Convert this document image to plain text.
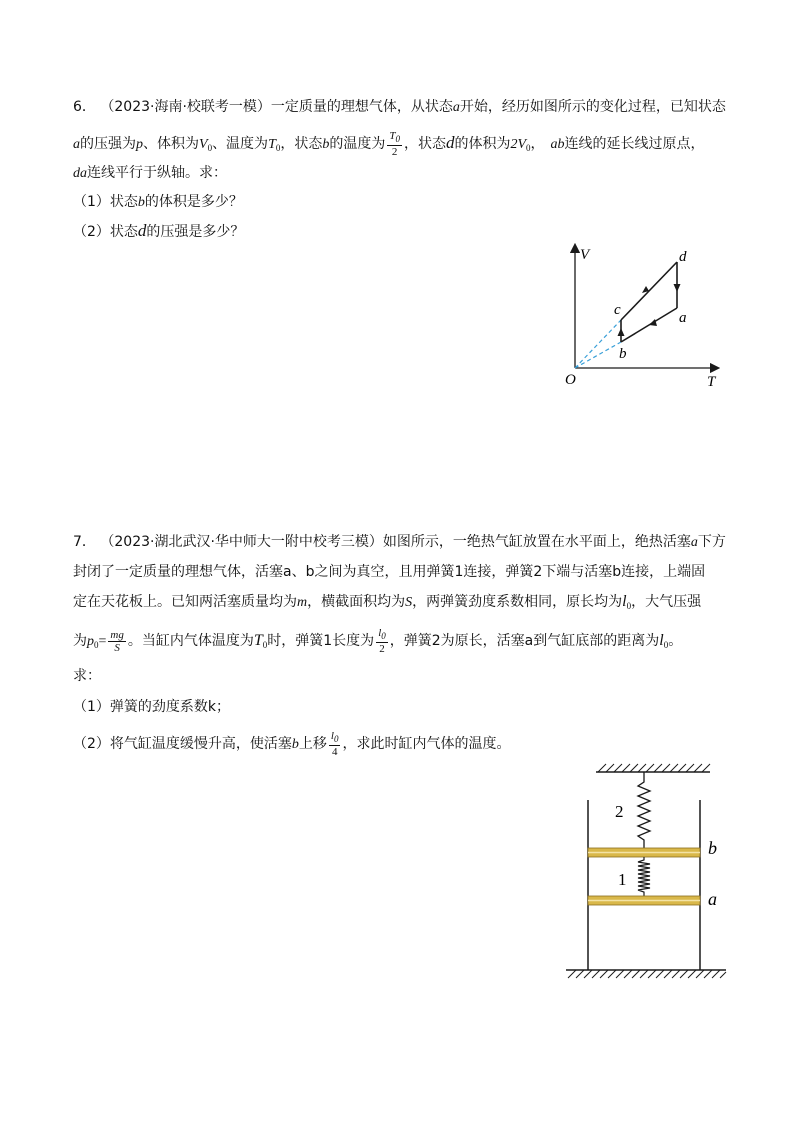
6． （2023·海南·校联考一模）一定质量的理想气体，从状态a开始，经历如图所示的变化过程，已知状态
a的压强为p、体积为$V_0$、温度为$T_0$，状态b的温度为 $\frac{T_0}{2}$ ，状态d的体积为$2V_0$， ab连线的延长线过原点，
da连线平行于纵轴。求：
（1）状态b的体积是多少？
（2）状态d的压强是多少？
V
T
O
d
a
c
b
7． （2023·湖北武汉·华中师大一附中校考三模）如图所示，一绝热气缸放置在水平面上，绝热活塞a下方
封闭了一定质量的理想气体，活塞a、b之间为真空，且用弹簧1连接，弹簧2下端与活塞b连接，上端固
定在天花板上。已知两活塞质量均为m，横截面积均为S，两弹簧劲度系数相同，原长均为$l_0$，大气压强
为$p_0= \frac{mg}{S}$ 。当缸内气体温度为$T_0$时，弹簧1长度为 $\frac{l_0}{2}$ ，弹簧2为原长，活塞a到气缸底部的距离为$l_0$。
求：
（1）弹簧的劲度系数k；
（2）将气缸温度缓慢升高，使活塞b上移 $\frac{l_0}{4}$ ，求此时缸内气体的温度。
2
1
b
a
